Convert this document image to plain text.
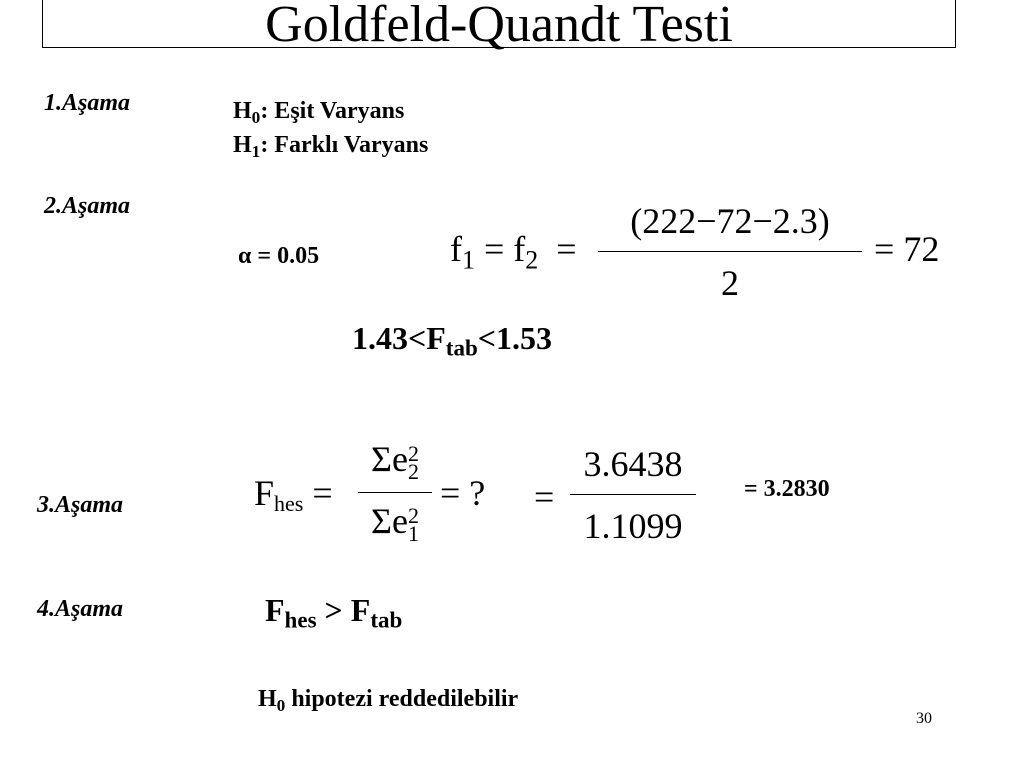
Goldfeld-Quandt Testi
1.Aşama
2.Aşama
3.Aşama
4.Aşama
$H_0$: Eşit Varyans
$H_1$: Farklı Varyans
α = 0.05	$f_1 = f_2$ =
(222−72−2.3)
2
= 72
$1.43<F_{tab}<1.53$
$F_{hes}$ =
Σe 2
2
Σe 2
1
= ? =
3.6438
1.1099
= 3.2830
$F_{hes} > F_{tab}$
$H_0$ hipotezi reddedilebilir
30
